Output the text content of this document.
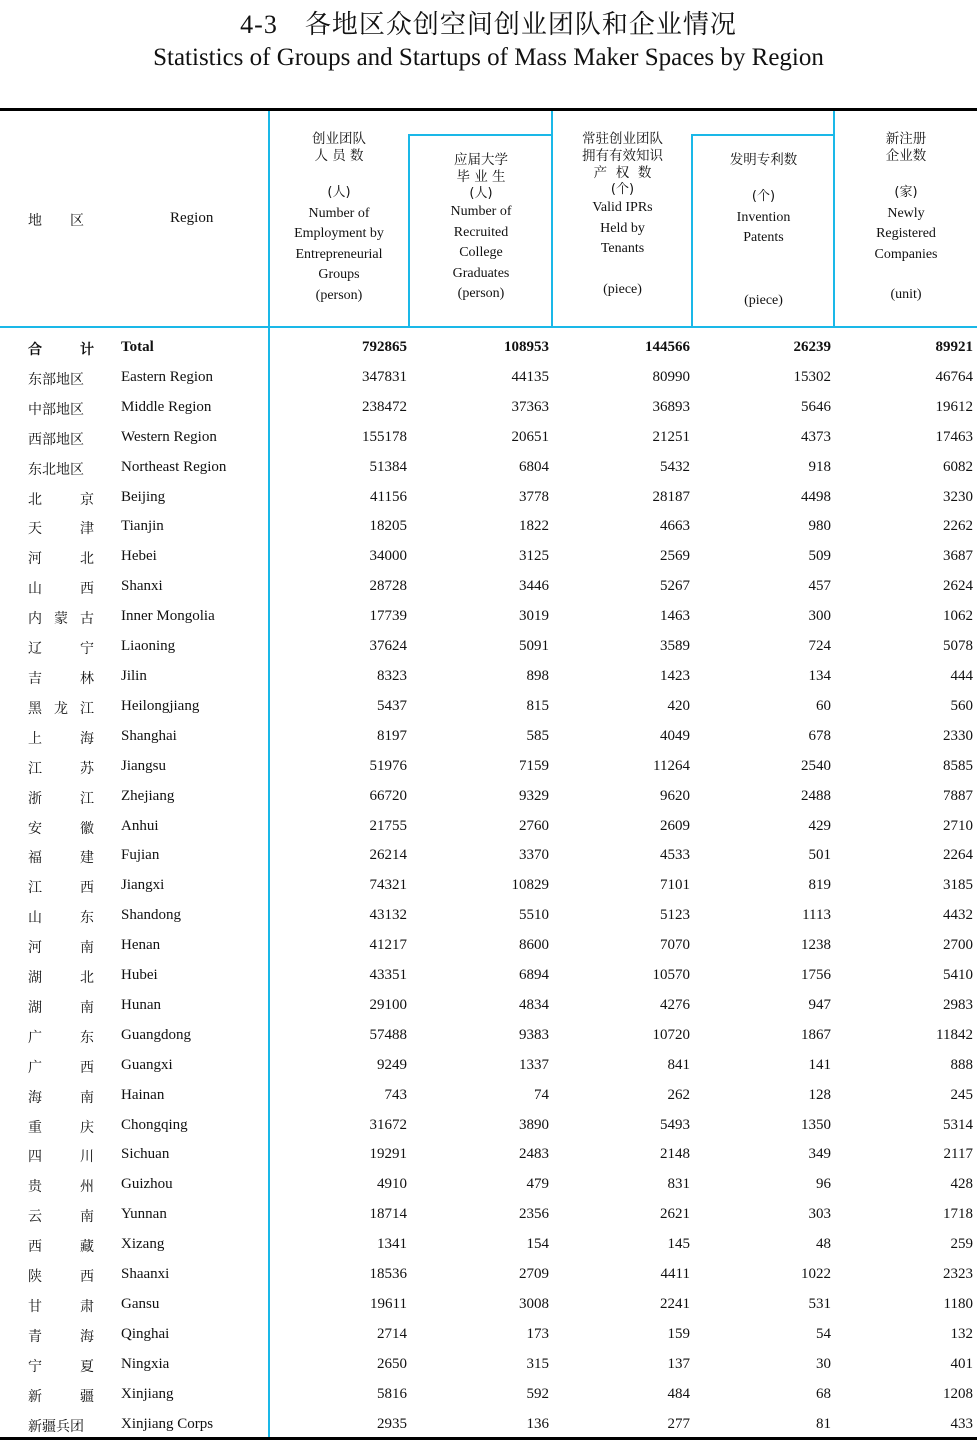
4-3　各地区众创空间创业团队和企业情况
Statistics of Groups and Startups of Mass Maker Spaces by Region
地区	Region
创业团队
人 员 数
(人)
Number of
Employment by
Entrepreneurial
Groups
(person)
应届大学
毕 业 生
(人)
Number of
Recruited
College
Graduates
(person)
常驻创业团队
拥有有效知识
产  权  数
(个)
Valid IPRs
Held by
Tenants
(piece)
发明专利数
(个)
Invention
Patents
(piece)
新注册
企业数
(家)
Newly
Registered
Companies
(unit)
合	计 Total	792865	108953	144566	26239	89921
东部地区	Eastern Region	347831	44135	80990	15302	46764
中部地区	Middle Region	238472	37363	36893	5646	19612
西部地区	Western Region	155178	20651	21251	4373	17463
东北地区	Northeast Region	51384	6804	5432	918	6082
北	京 Beijing	41156	3778	28187	4498	3230
天	津 Tianjin	18205	1822	4663	980	2262
河	北 Hebei	34000	3125	2569	509	3687
山	西 Shanxi	28728	3446	5267	457	2624
内 蒙 古 Inner Mongolia	17739	3019	1463	300	1062
辽	宁 Liaoning	37624	5091	3589	724	5078
吉	林 Jilin	8323	898	1423	134	444
黑 龙 江 Heilongjiang	5437	815	420	60	560
上	海 Shanghai	8197	585	4049	678	2330
江	苏 Jiangsu	51976	7159	11264	2540	8585
浙	江 Zhejiang	66720	9329	9620	2488	7887
安	徽 Anhui	21755	2760	2609	429	2710
福	建 Fujian	26214	3370	4533	501	2264
江	西 Jiangxi	74321	10829	7101	819	3185
山	东 Shandong	43132	5510	5123	1113	4432
河	南 Henan	41217	8600	7070	1238	2700
湖	北 Hubei	43351	6894	10570	1756	5410
湖	南 Hunan	29100	4834	4276	947	2983
广	东 Guangdong	57488	9383	10720	1867	11842
广	西 Guangxi	9249	1337	841	141	888
海	南 Hainan	743	74	262	128	245
重	庆 Chongqing	31672	3890	5493	1350	5314
四	川 Sichuan	19291	2483	2148	349	2117
贵	州 Guizhou	4910	479	831	96	428
云	南 Yunnan	18714	2356	2621	303	1718
西	藏 Xizang	1341	154	145	48	259
陕	西 Shaanxi	18536	2709	4411	1022	2323
甘	肃 Gansu	19611	3008	2241	531	1180
青	海 Qinghai	2714	173	159	54	132
宁	夏 Ningxia	2650	315	137	30	401
新	疆 Xinjiang	5816	592	484	68	1208
新疆兵团	Xinjiang Corps	2935	136	277	81	433
